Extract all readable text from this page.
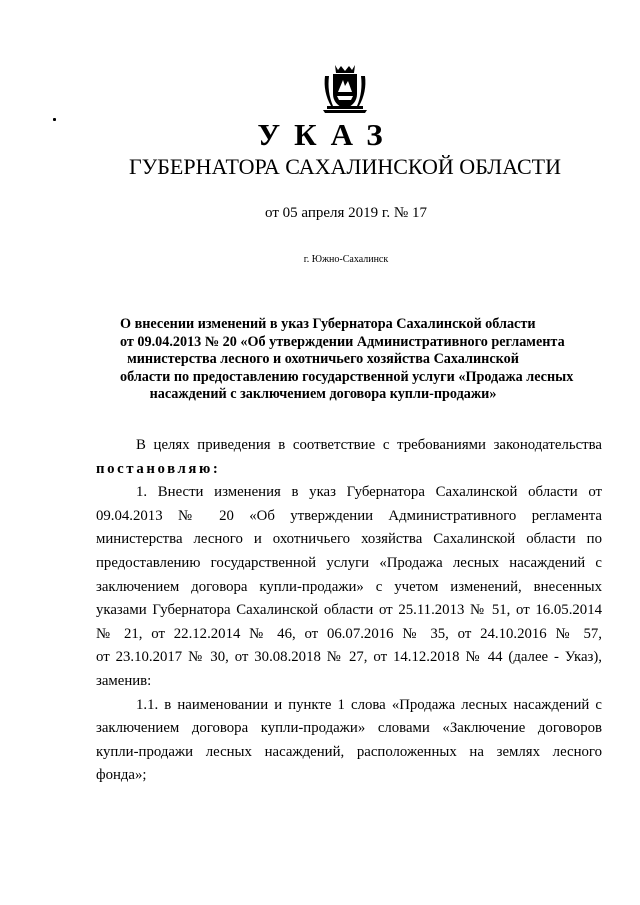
УКАЗ
ГУБЕРНАТОРА САХАЛИНСКОЙ ОБЛАСТИ
от 05 апреля 2019 г. № 17
г. Южно-Сахалинск
О внесении изменений в указ Губернатора Сахалинской области
от 09.04.2013 № 20 «Об утверждении Административного регламента
министерства лесного и охотничьего хозяйства Сахалинской
области по предоставлению государственной услуги «Продажа лесных
насаждений с заключением договора купли-продажи»
В целях приведения в соответствие с требованиями законодательства
постановляю:
1. Внести изменения в указ Губернатора Сахалинской области от
09.04.2013 № 20 «Об утверждении Административного регламента
министерства лесного и охотничьего хозяйства Сахалинской области по
предоставлению государственной услуги «Продажа лесных насаждений с
заключением договора купли-продажи» с учетом изменений, внесенных
указами Губернатора Сахалинской области от 25.11.2013 № 51, от 16.05.2014
№ 21, от 22.12.2014 № 46, от 06.07.2016 № 35, от 24.10.2016 № 57,
от 23.10.2017 № 30, от 30.08.2018 № 27, от 14.12.2018 № 44 (далее - Указ),
заменив:
1.1. в наименовании и пункте 1 слова «Продажа лесных насаждений с
заключением договора купли-продажи» словами «Заключение договоров
купли-продажи лесных насаждений, расположенных на землях лесного
фонда»;
